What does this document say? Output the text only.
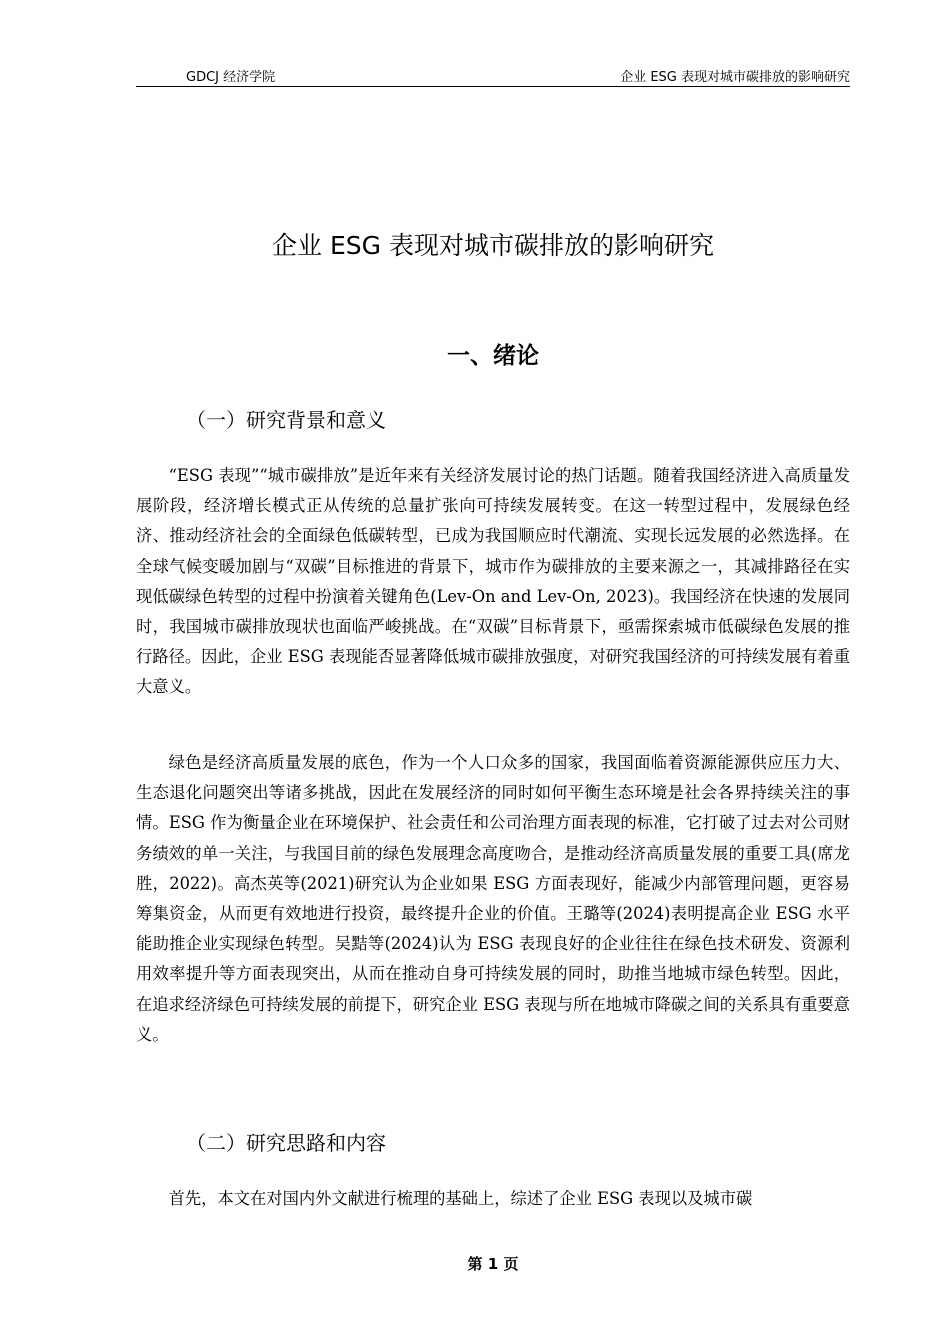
GDCJ 经济学院	企业 ESG 表现对城市碳排放的影响研究
企业 ESG 表现对城市碳排放的影响研究
一、绪论
（一）研究背景和意义

“ESG 表现”“城市碳排放”是近年来有关经济发展讨论的热门话题。随着我国经济进入高质量发展阶段，经济增长模式正从传统的总量扩张向可持续发展转变。在这一转型过程中，发展绿色经济、推动经济社会的全面绿色低碳转型，已成为我国顺应时代潮流、实现长远发展的必然选择。在全球气候变暖加剧与“双碳”目标推进的背景下，城市作为碳排放的主要来源之一，其减排路径在实现低碳绿色转型的过程中扮演着关键角色(Lev-On and Lev-On, 2023)。我国经济在快速的发展同时，我国城市碳排放现状也面临严峻挑战。在“双碳”目标背景下，亟需探索城市低碳绿色发展的推行路径。因此，企业 ESG 表现能否显著降低城市碳排放强度，对研究我国经济的可持续发展有着重大意义。

绿色是经济高质量发展的底色，作为一个人口众多的国家，我国面临着资源能源供应压力大、生态退化问题突出等诸多挑战，因此在发展经济的同时如何平衡生态环境是社会各界持续关注的事情。ESG 作为衡量企业在环境保护、社会责任和公司治理方面表现的标准，它打破了过去对公司财务绩效的单一关注，与我国目前的绿色发展理念高度吻合，是推动经济高质量发展的重要工具(席龙胜，2022)。高杰英等(2021)研究认为企业如果 ESG 方面表现好，能减少内部管理问题，更容易筹集资金，从而更有效地进行投资，最终提升企业的价值。王璐等(2024)表明提高企业 ESG 水平能助推企业实现绿色转型。吴黠等(2024)认为 ESG 表现良好的企业往往在绿色技术研发、资源利用效率提升等方面表现突出，从而在推动自身可持续发展的同时，助推当地城市绿色转型。因此，在追求经济绿色可持续发展的前提下，研究企业 ESG 表现与所在地城市降碳之间的关系具有重要意义。

（二）研究思路和内容

首先，本文在对国内外文献进行梳理的基础上，综述了企业 ESG 表现以及城市碳

第 1 页
